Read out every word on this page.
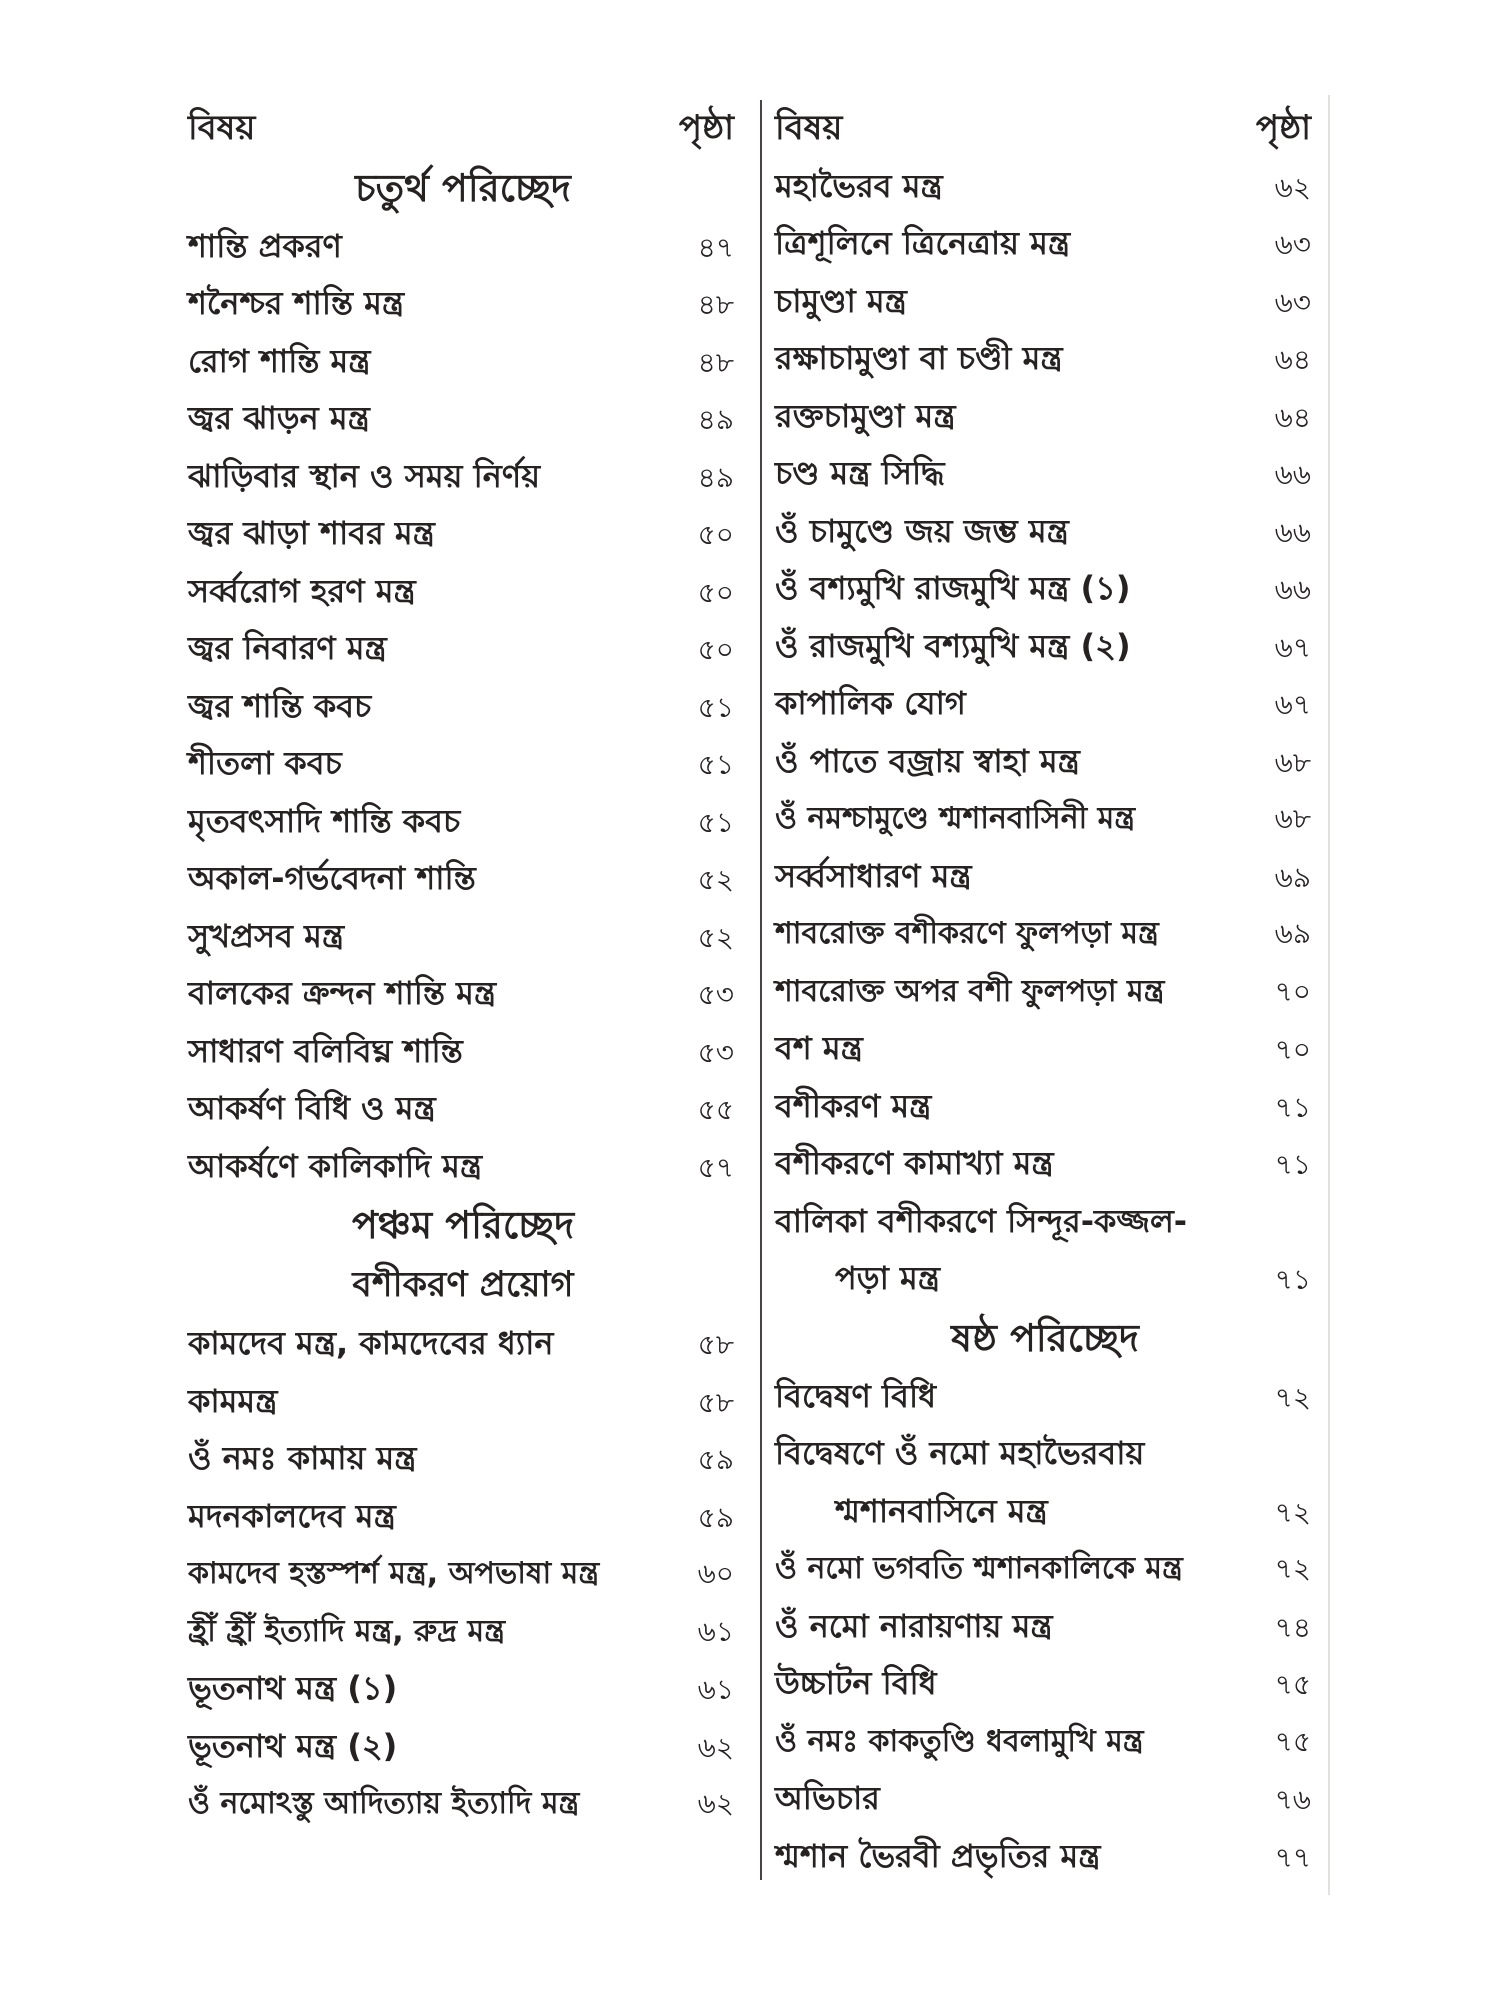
বিষয়	পৃষ্ঠা
চতুর্থ পরিচ্ছেদ
শান্তি প্রকরণ	৪৭
শনৈশ্চর শান্তি মন্ত্র	৪৮
রোগ শান্তি মন্ত্র	৪৮
জ্বর ঝাড়ন মন্ত্র	৪৯
ঝাড়িবার স্থান ও সময় নির্ণয়	৪৯
জ্বর ঝাড়া শাবর মন্ত্র	৫০
সর্ব্বরোগ হরণ মন্ত্র	৫০
জ্বর নিবারণ মন্ত্র	৫০
জ্বর শান্তি কবচ	৫১
শীতলা কবচ	৫১
মৃতবৎসাদি শান্তি কবচ	৫১
অকাল-গর্ভবেদনা শান্তি	৫২
সুখপ্রসব মন্ত্র	৫২
বালকের ক্রন্দন শান্তি মন্ত্র	৫৩
সাধারণ বলিবিঘ্ন শান্তি	৫৩
আকর্ষণ বিধি ও মন্ত্র	৫৫
আকর্ষণে কালিকাদি মন্ত্র	৫৭
পঞ্চম পরিচ্ছেদ
বশীকরণ প্রয়োগ
কামদেব মন্ত্র, কামদেবের ধ্যান	৫৮
কামমন্ত্র	৫৮
ওঁ নমঃ কামায় মন্ত্র	৫৯
মদনকালদেব মন্ত্র	৫৯
কামদেব হস্তস্পর্শ মন্ত্র, অপভাষা মন্ত্র	৬০
হ্রীঁ হ্রীঁ ইত্যাদি মন্ত্র, রুদ্র মন্ত্র	৬১
ভূতনাথ মন্ত্র (১)	৬১
ভূতনাথ মন্ত্র (২)	৬২
ওঁ নমোঽস্তু আদিত্যায় ইত্যাদি মন্ত্র	৬২
বিষয়	পৃষ্ঠা
মহাভৈরব মন্ত্র	৬২
ত্রিশূলিনে ত্রিনেত্রায় মন্ত্র	৬৩
চামুণ্ডা মন্ত্র	৬৩
রক্ষাচামুণ্ডা বা চণ্ডী মন্ত্র	৬৪
রক্তচামুণ্ডা মন্ত্র	৬৪
চণ্ড মন্ত্র সিদ্ধি	৬৬
ওঁ চামুণ্ডে জয় জম্ভ মন্ত্র	৬৬
ওঁ বশ্যমুখি রাজমুখি মন্ত্র (১)	৬৬
ওঁ রাজমুখি বশ্যমুখি মন্ত্র (২)	৬৭
কাপালিক যোগ	৬৭
ওঁ পাতে বজ্রায় স্বাহা মন্ত্র	৬৮
ওঁ নমশ্চামুণ্ডে শ্মশানবাসিনী মন্ত্র	৬৮
সর্ব্বসাধারণ মন্ত্র	৬৯
শাবরোক্ত বশীকরণে ফুলপড়া মন্ত্র	৬৯
শাবরোক্ত অপর বশী ফুলপড়া মন্ত্র	৭০
বশ মন্ত্র	৭০
বশীকরণ মন্ত্র	৭১
বশীকরণে কামাখ্যা মন্ত্র	৭১
বালিকা বশীকরণে সিন্দূর-কজ্জল-
পড়া মন্ত্র	৭১
ষষ্ঠ পরিচ্ছেদ
বিদ্বেষণ বিধি	৭২
বিদ্বেষণে ওঁ নমো মহাভৈরবায়
শ্মশানবাসিনে মন্ত্র	৭২
ওঁ নমো ভগবতি শ্মশানকালিকে মন্ত্র	৭২
ওঁ নমো নারায়ণায় মন্ত্র	৭৪
উচ্চাটন বিধি	৭৫
ওঁ নমঃ কাকতুণ্ডি ধবলামুখি মন্ত্র	৭৫
অভিচার	৭৬
শ্মশান ভৈরবী প্রভৃতির মন্ত্র	৭৭
